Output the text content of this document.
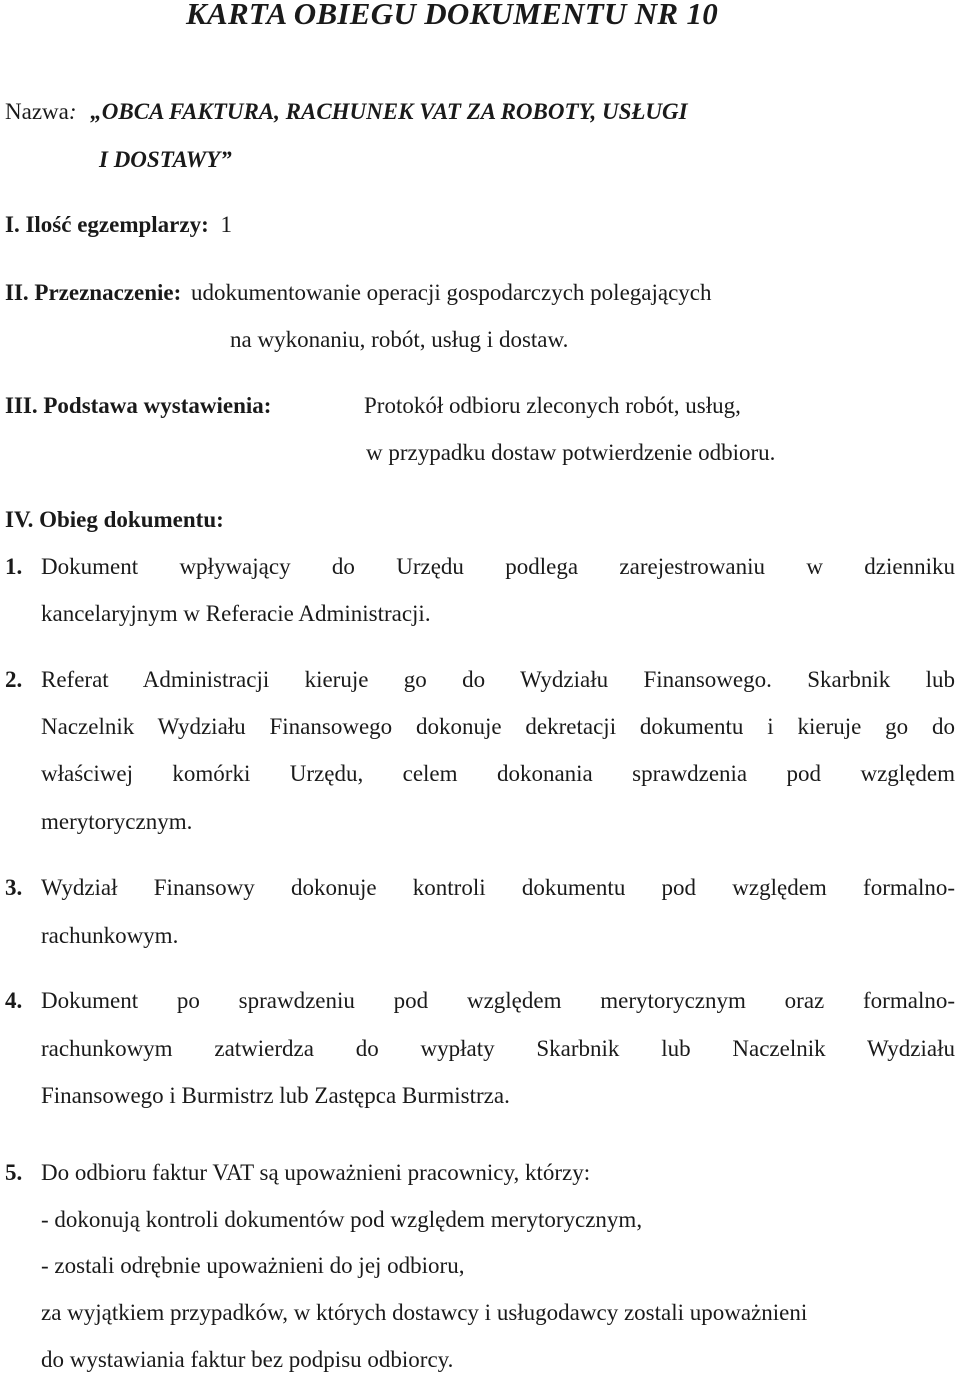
KARTA OBIEGU DOKUMENTU NR 10
Nazwa: „OBCA FAKTURA, RACHUNEK VAT ZA ROBOTY, USŁUGI
I DOSTAWY”
I. Ilość egzemplarzy: 1
II. Przeznaczenie: udokumentowanie operacji gospodarczych polegających
na wykonaniu, robót, usług i dostaw.
III. Podstawa wystawienia:	Protokół odbioru zleconych robót, usług,
w przypadku dostaw potwierdzenie odbioru.
IV. Obieg dokumentu:
1. Dokument wpływający do Urzędu podlega zarejestrowaniu w dzienniku
kancelaryjnym w Referacie Administracji.
2. Referat Administracji kieruje go do Wydziału Finansowego. Skarbnik lub
Naczelnik Wydziału Finansowego dokonuje dekretacji dokumentu i kieruje go do
właściwej komórki Urzędu, celem dokonania sprawdzenia pod względem
merytorycznym.
3. Wydział Finansowy dokonuje kontroli dokumentu pod względem formalno-
rachunkowym.
4. Dokument po sprawdzeniu pod względem merytorycznym oraz formalno-
rachunkowym zatwierdza do wypłaty Skarbnik lub Naczelnik Wydziału
Finansowego i Burmistrz lub Zastępca Burmistrza.
5. Do odbioru faktur VAT są upoważnieni pracownicy, którzy:
- dokonują kontroli dokumentów pod względem merytorycznym,
- zostali odrębnie upoważnieni do jej odbioru,
za wyjątkiem przypadków, w których dostawcy i usługodawcy zostali upoważnieni
do wystawiania faktur bez podpisu odbiorcy.
